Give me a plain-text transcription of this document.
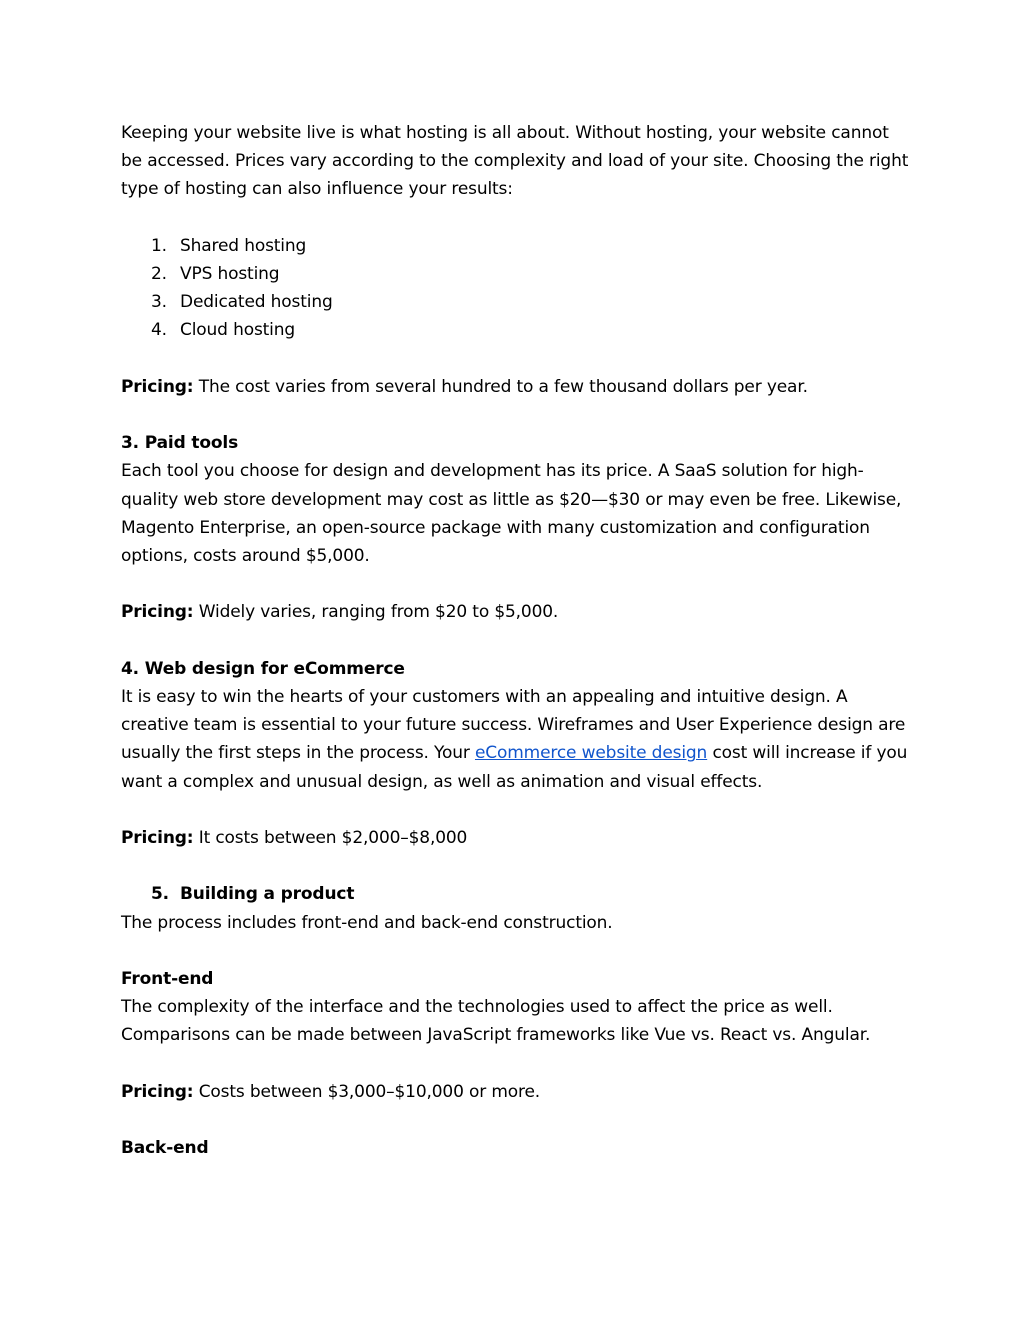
Keeping your website live is what hosting is all about. Without hosting, your website cannot be accessed. Prices vary according to the complexity and load of your site. Choosing the right type of hosting can also influence your results:

1. Shared hosting
2. VPS hosting
3. Dedicated hosting
4. Cloud hosting

Pricing: The cost varies from several hundred to a few thousand dollars per year.

3. Paid tools

Each tool you choose for design and development has its price. A SaaS solution for high-quality web store development may cost as little as $20—$30 or may even be free. Likewise, Magento Enterprise, an open-source package with many customization and configuration options, costs around $5,000.

Pricing: Widely varies, ranging from $20 to $5,000.

4. Web design for eCommerce

It is easy to win the hearts of your customers with an appealing and intuitive design. A creative team is essential to your future success. Wireframes and User Experience design are usually the first steps in the process. Your eCommerce website design cost will increase if you want a complex and unusual design, as well as animation and visual effects.

Pricing: It costs between $2,000–$8,000

5. Building a product

The process includes front-end and back-end construction.

Front-end

The complexity of the interface and the technologies used to affect the price as well. Comparisons can be made between JavaScript frameworks like Vue vs. React vs. Angular.

Pricing: Costs between $3,000–$10,000 or more.

Back-end
